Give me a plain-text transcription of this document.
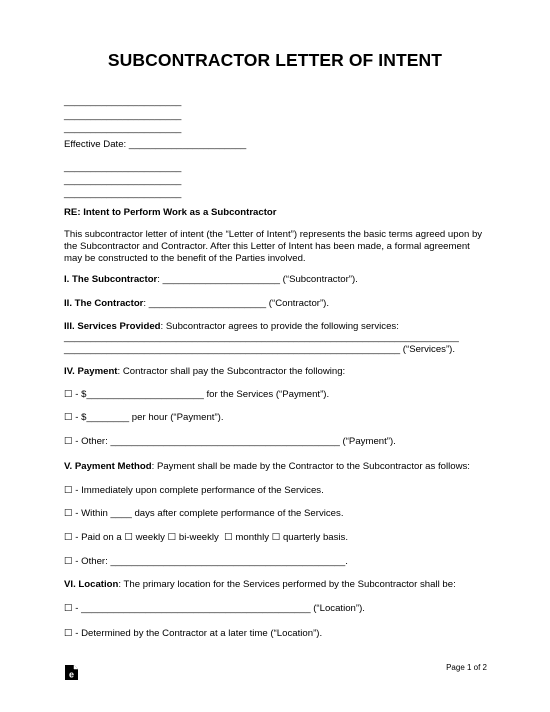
SUBCONTRACTOR LETTER OF INTENT
______________________
______________________
______________________
Effective Date: ______________________
______________________
______________________
______________________
RE: Intent to Perform Work as a Subcontractor
This subcontractor letter of intent (the “Letter of Intent”) represents the basic terms agreed upon by the Subcontractor and Contractor. After this Letter of Intent has been made, a formal agreement may be constructed to the benefit of the Parties involved.
I. The Subcontractor: ______________________ (“Subcontractor”).
II. The Contractor: ______________________ (“Contractor”).
III. Services Provided: Subcontractor agrees to provide the following services:
__________________________________________________________________________
_______________________________________________________________ (“Services”).
IV. Payment: Contractor shall pay the Subcontractor the following:
☐ - $______________________ for the Services (“Payment”).
☐ - $________ per hour (“Payment”).
☐ - Other: ___________________________________________ (“Payment”).
V. Payment Method: Payment shall be made by the Contractor to the Subcontractor as follows:
☐ - Immediately upon complete performance of the Services.
☐ - Within ____ days after complete performance of the Services.
☐ - Paid on a ☐ weekly ☐ bi-weekly  ☐ monthly ☐ quarterly basis.
☐ - Other: ____________________________________________.
VI. Location: The primary location for the Services performed by the Subcontractor shall be:
☐ - ___________________________________________ (“Location”).
☐ - Determined by the Contractor at a later time (“Location”).
e
Page 1 of 2
